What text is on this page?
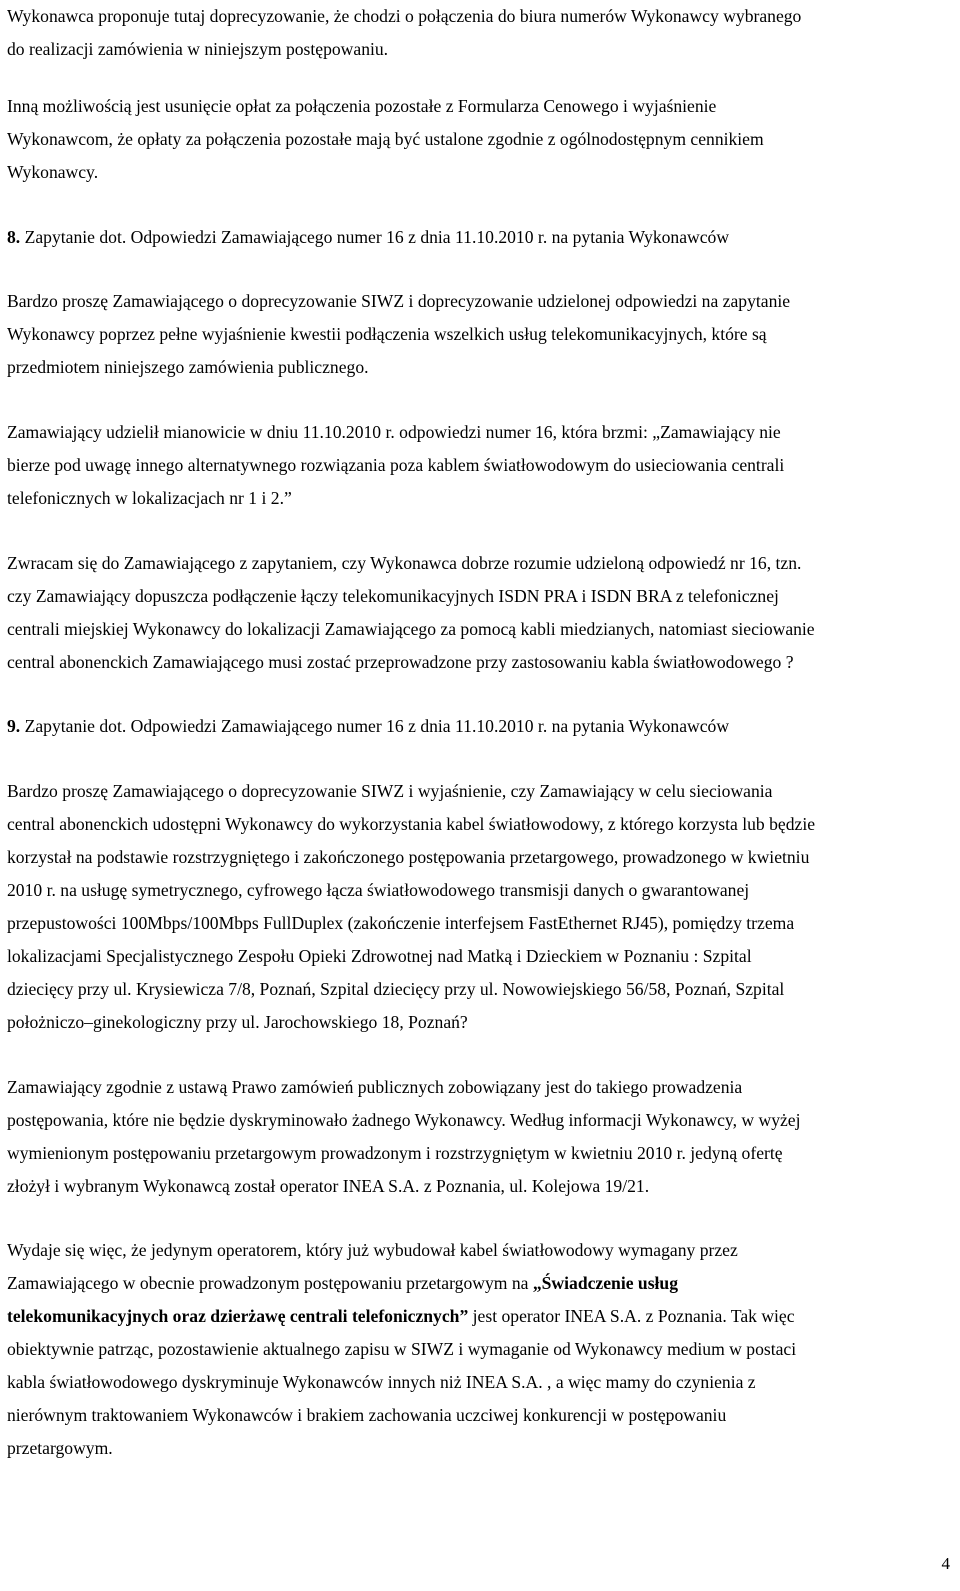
Wykonawca proponuje tutaj doprecyzowanie, że chodzi o połączenia do biura numerów Wykonawcy wybranego
do realizacji zamówienia w niniejszym postępowaniu.
Inną możliwością jest usunięcie opłat za połączenia pozostałe z Formularza Cenowego i wyjaśnienie
Wykonawcom, że opłaty za połączenia pozostałe mają być ustalone zgodnie z ogólnodostępnym cennikiem
Wykonawcy.
8. Zapytanie dot. Odpowiedzi Zamawiającego numer 16 z dnia 11.10.2010 r. na pytania Wykonawców
Bardzo proszę Zamawiającego o doprecyzowanie SIWZ i doprecyzowanie udzielonej odpowiedzi na zapytanie
Wykonawcy poprzez pełne wyjaśnienie kwestii podłączenia wszelkich usług telekomunikacyjnych, które są
przedmiotem niniejszego zamówienia publicznego.
Zamawiający udzielił mianowicie w dniu 11.10.2010 r. odpowiedzi numer 16, która brzmi: „Zamawiający nie
bierze pod uwagę innego alternatywnego rozwiązania poza kablem światłowodowym do usieciowania centrali
telefonicznych w lokalizacjach nr 1 i 2.”
Zwracam się do Zamawiającego z zapytaniem, czy Wykonawca dobrze rozumie udzieloną odpowiedź nr 16, tzn.
czy Zamawiający dopuszcza podłączenie łączy telekomunikacyjnych ISDN PRA i ISDN BRA z telefonicznej
centrali miejskiej Wykonawcy do lokalizacji Zamawiającego za pomocą kabli miedzianych, natomiast sieciowanie
central abonenckich Zamawiającego musi zostać przeprowadzone przy zastosowaniu kabla światłowodowego ?
9. Zapytanie dot. Odpowiedzi Zamawiającego numer 16 z dnia 11.10.2010 r. na pytania Wykonawców
Bardzo proszę Zamawiającego o doprecyzowanie SIWZ i wyjaśnienie, czy Zamawiający w celu sieciowania
central abonenckich udostępni Wykonawcy do wykorzystania kabel światłowodowy, z którego korzysta lub będzie
korzystał na podstawie rozstrzygniętego i zakończonego postępowania przetargowego, prowadzonego w kwietniu
2010 r. na usługę symetrycznego, cyfrowego łącza światłowodowego transmisji danych o gwarantowanej
przepustowości 100Mbps/100Mbps FullDuplex (zakończenie interfejsem FastEthernet RJ45), pomiędzy trzema
lokalizacjami Specjalistycznego Zespołu Opieki Zdrowotnej nad Matką i Dzieckiem w Poznaniu : Szpital
dziecięcy przy ul. Krysiewicza 7/8, Poznań, Szpital dziecięcy przy ul. Nowowiejskiego 56/58, Poznań, Szpital
położniczo–ginekologiczny przy ul. Jarochowskiego 18, Poznań?
Zamawiający zgodnie z ustawą Prawo zamówień publicznych zobowiązany jest do takiego prowadzenia
postępowania, które nie będzie dyskryminowało żadnego Wykonawcy. Według informacji Wykonawcy, w wyżej
wymienionym postępowaniu przetargowym prowadzonym i rozstrzygniętym w kwietniu 2010 r. jedyną ofertę
złożył i wybranym Wykonawcą został operator INEA S.A. z Poznania, ul. Kolejowa 19/21.
Wydaje się więc, że jedynym operatorem, który już wybudował kabel światłowodowy wymagany przez
Zamawiającego w obecnie prowadzonym postępowaniu przetargowym na „Świadczenie usług
telekomunikacyjnych oraz dzierżawę centrali telefonicznych” jest operator INEA S.A. z Poznania. Tak więc
obiektywnie patrząc, pozostawienie aktualnego zapisu w SIWZ i wymaganie od Wykonawcy medium w postaci
kabla światłowodowego dyskryminuje Wykonawców innych niż INEA S.A. , a więc mamy do czynienia z
nierównym traktowaniem Wykonawców i brakiem zachowania uczciwej konkurencji w postępowaniu
przetargowym.
4
